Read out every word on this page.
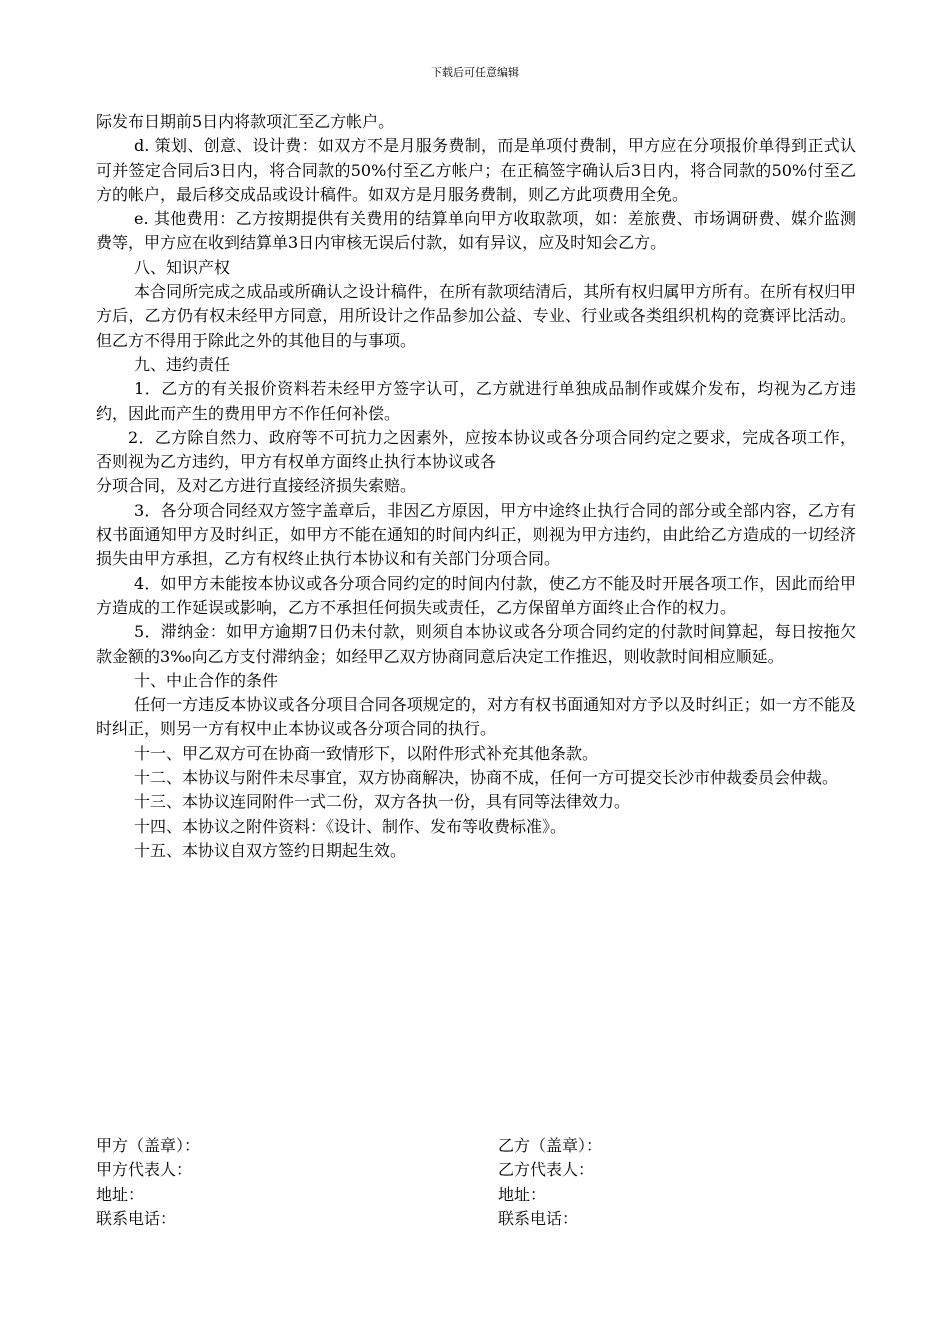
下载后可任意编辑

际发布日期前5日内将款项汇至乙方帐户。

d. 策划、创意、设计费：如双方不是月服务费制，而是单项付费制，甲方应在分项报价单得到正式认可并签定合同后3日内，将合同款的50%付至乙方帐户；在正稿签字确认后3日内，将合同款的50%付至乙方的帐户，最后移交成品或设计稿件。如双方是月服务费制，则乙方此项费用全免。

e. 其他费用：乙方按期提供有关费用的结算单向甲方收取款项，如：差旅费、市场调研费、媒介监测费等，甲方应在收到结算单3日内审核无误后付款，如有异议，应及时知会乙方。

八、知识产权

本合同所完成之成品或所确认之设计稿件，在所有款项结清后，其所有权归属甲方所有。在所有权归甲方后，乙方仍有权未经甲方同意，用所设计之作品参加公益、专业、行业或各类组织机构的竞赛评比活动。但乙方不得用于除此之外的其他目的与事项。

九、违约责任

1．乙方的有关报价资料若未经甲方签字认可，乙方就进行单独成品制作或媒介发布，均视为乙方违约，因此而产生的费用甲方不作任何补偿。

2．乙方除自然力、政府等不可抗力之因素外，应按本协议或各分项合同约定之要求，完成各项工作，否则视为乙方违约，甲方有权单方面终止执行本协议或各

分项合同，及对乙方进行直接经济损失索赔。

3．各分项合同经双方签字盖章后，非因乙方原因，甲方中途终止执行合同的部分或全部内容，乙方有权书面通知甲方及时纠正，如甲方不能在通知的时间内纠正，则视为甲方违约，由此给乙方造成的一切经济损失由甲方承担，乙方有权终止执行本协议和有关部门分项合同。

4．如甲方未能按本协议或各分项合同约定的时间内付款，使乙方不能及时开展各项工作，因此而给甲方造成的工作延误或影响，乙方不承担任何损失或责任，乙方保留单方面终止合作的权力。

5．滞纳金：如甲方逾期7日仍未付款，则须自本协议或各分项合同约定的付款时间算起，每日按拖欠款金额的3‰向乙方支付滞纳金；如经甲乙双方协商同意后决定工作推迟，则收款时间相应顺延。

十、中止合作的条件

任何一方违反本协议或各分项目合同各项规定的，对方有权书面通知对方予以及时纠正；如一方不能及时纠正，则另一方有权中止本协议或各分项合同的执行。

十一、甲乙双方可在协商一致情形下，以附件形式补充其他条款。

十二、本协议与附件未尽事宜，双方协商解决，协商不成，任何一方可提交长沙市仲裁委员会仲裁。

十三、本协议连同附件一式二份，双方各执一份，具有同等法律效力。

十四、本协议之附件资料：《设计、制作、发布等收费标准》。

十五、本协议自双方签约日期起生效。

甲方（盖章）：	乙方（盖章）：
甲方代表人：	乙方代表人：
地址：	地址：
联系电话：	联系电话：
